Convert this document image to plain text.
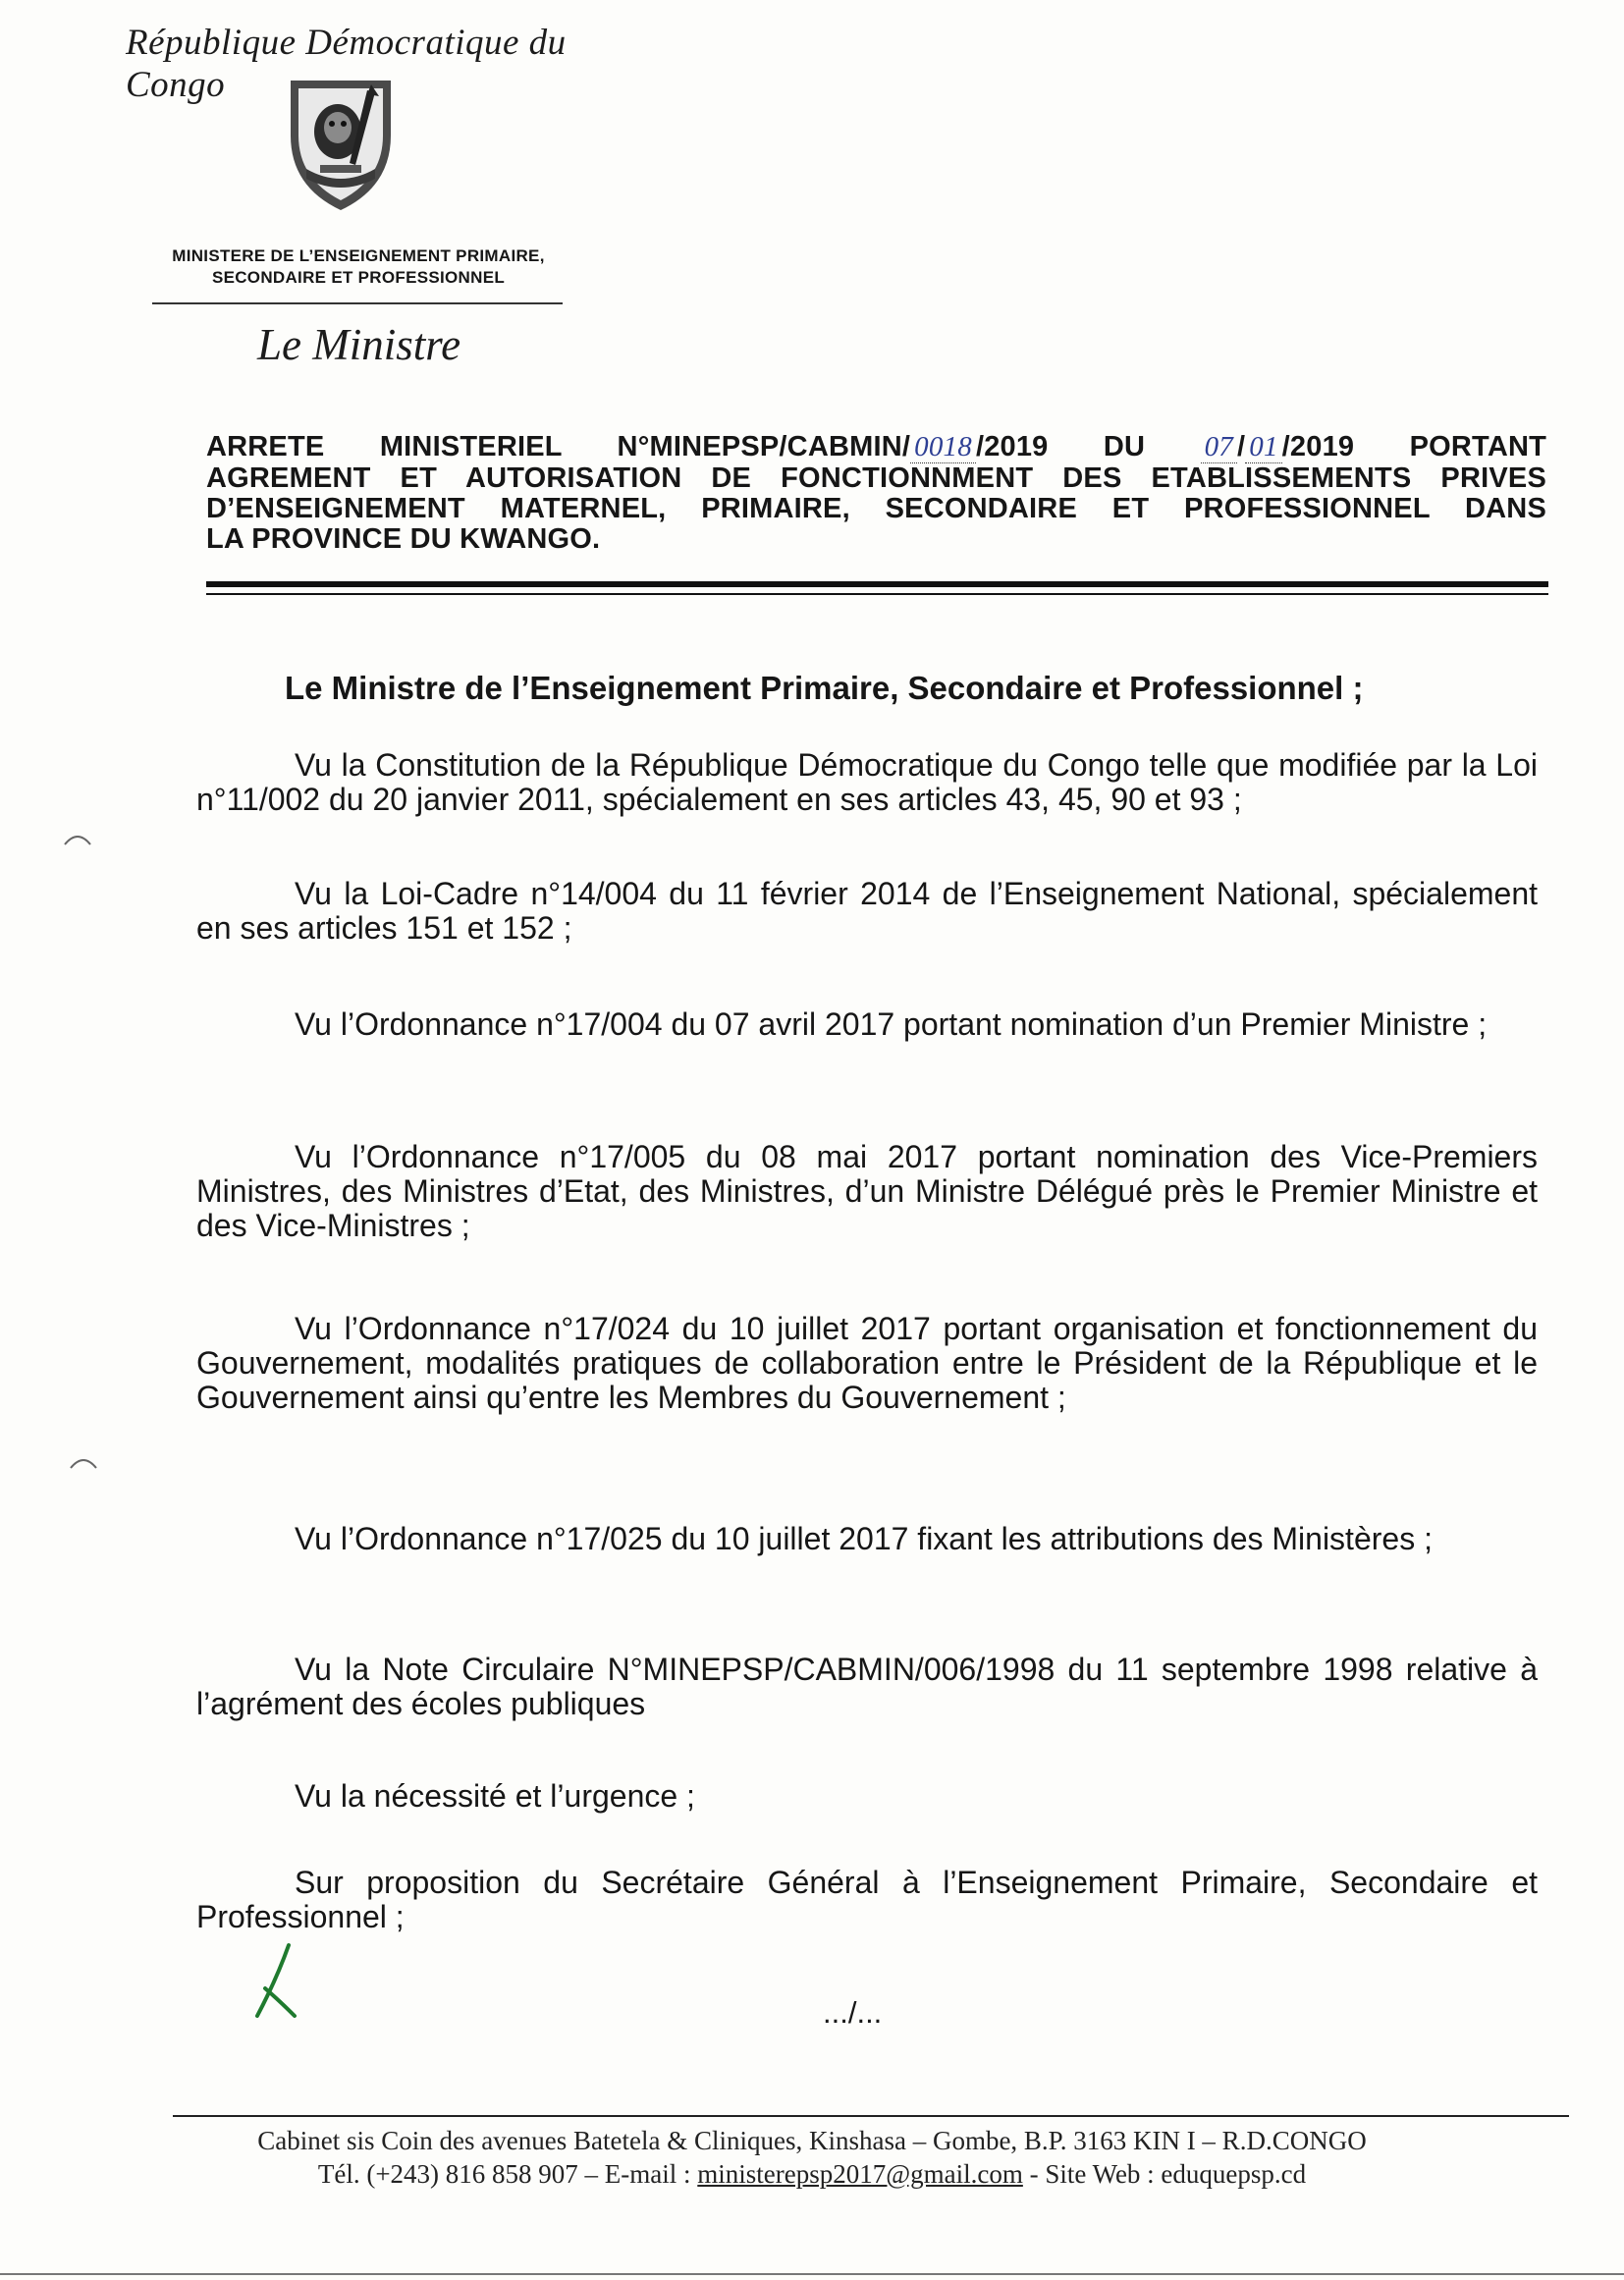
République Démocratique du Congo
MINISTERE DE L’ENSEIGNEMENT PRIMAIRE,
SECONDAIRE ET PROFESSIONNEL
Le Ministre
ARRETE MINISTERIEL N°MINEPSP/CABMIN/ 0018 /2019 DU 07 / 01 /2019 PORTANT
AGREMENT ET AUTORISATION DE FONCTIONNMENT DES ETABLISSEMENTS PRIVES
D’ENSEIGNEMENT MATERNEL, PRIMAIRE, SECONDAIRE ET PROFESSIONNEL DANS
LA PROVINCE DU KWANGO.
Le Ministre de l’Enseignement Primaire, Secondaire et Professionnel ;

Vu la Constitution de la République Démocratique du Congo telle que modifiée par la Loi n°11/002 du 20 janvier 2011, spécialement en ses articles 43, 45, 90 et 93 ;

Vu la Loi-Cadre n°14/004 du 11 février 2014 de l’Enseignement National, spécialement en ses articles 151 et 152 ;

Vu l’Ordonnance n°17/004 du 07 avril 2017 portant nomination d’un Premier Ministre ;

Vu l’Ordonnance n°17/005 du 08 mai 2017 portant nomination des Vice-Premiers Ministres, des Ministres d’Etat, des Ministres, d’un Ministre Délégué près le Premier Ministre et des Vice-Ministres ;

Vu l’Ordonnance n°17/024 du 10 juillet 2017 portant organisation et fonctionnement du Gouvernement, modalités pratiques de collaboration entre le Président de la République et le Gouvernement ainsi qu’entre les Membres du Gouvernement ;

Vu l’Ordonnance n°17/025 du 10 juillet 2017 fixant les attributions des Ministères ;

Vu la Note Circulaire N°MINEPSP/CABMIN/006/1998 du 11 septembre 1998 relative à l’agrément des écoles publiques

Vu la nécessité et l’urgence ;

Sur proposition du Secrétaire Général à l’Enseignement Primaire, Secondaire et Professionnel ;

.../...
Cabinet sis Coin des avenues Batetela & Cliniques, Kinshasa – Gombe, B.P. 3163 KIN I – R.D.CONGO
Tél. (+243) 816 858 907 – E-mail : ministerepsp2017@gmail.com - Site Web : eduquepsp.cd
